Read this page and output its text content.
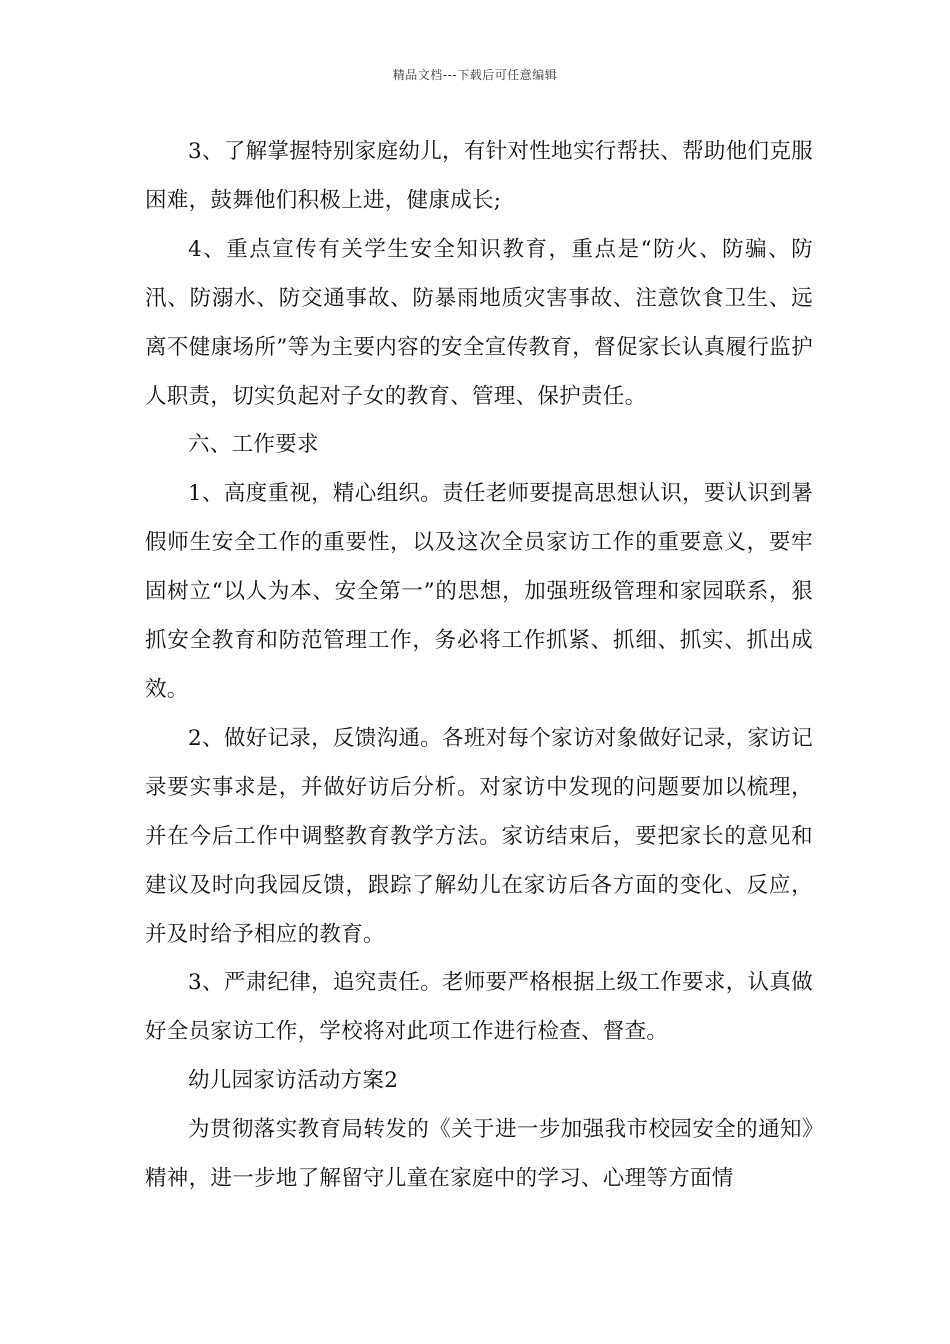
精品文档---下载后可任意编辑

3、了解掌握特别家庭幼儿，有针对性地实行帮扶、帮助他们克服困难，鼓舞他们积极上进，健康成长;

4、重点宣传有关学生安全知识教育，重点是“防火、防骗、防汛、防溺水、防交通事故、防暴雨地质灾害事故、注意饮食卫生、远离不健康场所”等为主要内容的安全宣传教育，督促家长认真履行监护人职责，切实负起对子女的教育、管理、保护责任。

六、工作要求

1、高度重视，精心组织。责任老师要提高思想认识，要认识到暑假师生安全工作的重要性，以及这次全员家访工作的重要意义，要牢固树立“以人为本、安全第一”的思想，加强班级管理和家园联系，狠抓安全教育和防范管理工作，务必将工作抓紧、抓细、抓实、抓出成效。

2、做好记录，反馈沟通。各班对每个家访对象做好记录，家访记录要实事求是，并做好访后分析。对家访中发现的问题要加以梳理，并在今后工作中调整教育教学方法。家访结束后，要把家长的意见和建议及时向我园反馈，跟踪了解幼儿在家访后各方面的变化、反应，并及时给予相应的教育。

3、严肃纪律，追究责任。老师要严格根据上级工作要求，认真做好全员家访工作，学校将对此项工作进行检查、督查。

幼儿园家访活动方案2

为贯彻落实教育局转发的《关于进一步加强我市校园安全的通知》精神，进一步地了解留守儿童在家庭中的学习、心理等方面情
